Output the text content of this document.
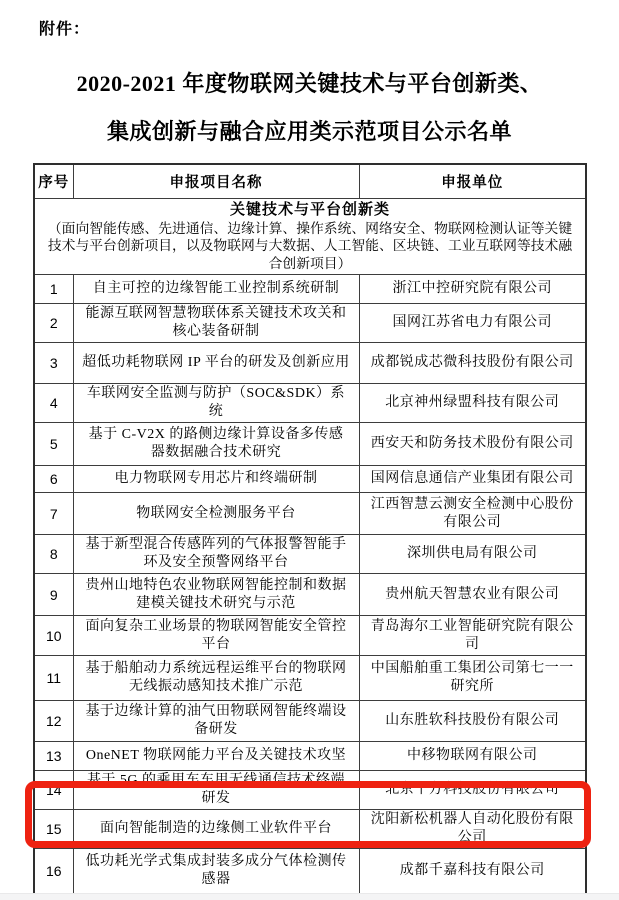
附件：
2020-2021 年度物联网关键技术与平台创新类、
集成创新与融合应用类示范项目公示名单
序号	申报项目名称	申报单位

关键技术与平台创新类
（面向智能传感、先进通信、边缘计算、操作系统、网络安全、物联网检测认证等关键技术与平台创新项目，以及物联网与大数据、人工智能、区块链、工业互联网等技术融合创新项目）		

1	自主可控的边缘智能工业控制系统研制	浙江中控研究院有限公司
2	能源互联网智慧物联体系关键技术攻关和核心装备研制	国网江苏省电力有限公司
3	超低功耗物联网 IP 平台的研发及创新应用	成都锐成芯微科技股份有限公司
4	车联网安全监测与防护（SOC&SDK）系统	北京神州绿盟科技有限公司
5	基于 C-V2X 的路侧边缘计算设备多传感器数据融合技术研究	西安天和防务技术股份有限公司
6	电力物联网专用芯片和终端研制	国网信息通信产业集团有限公司
7	物联网安全检测服务平台	江西智慧云测安全检测中心股份有限公司
8	基于新型混合传感阵列的气体报警智能手环及安全预警网络平台	深圳供电局有限公司
9	贵州山地特色农业物联网智能控制和数据建模关键技术研究与示范	贵州航天智慧农业有限公司
10	面向复杂工业场景的物联网智能安全管控平台	青岛海尔工业智能研究院有限公司
11	基于船舶动力系统远程运维平台的物联网无线振动感知技术推广示范	中国船舶重工集团公司第七一一研究所
12	基于边缘计算的油气田物联网智能终端设备研发	山东胜软科技股份有限公司
13	OneNET 物联网能力平台及关键技术攻坚	中移物联网有限公司
14	基于 5G 的乘用车车用无线通信技术终端研发	北京千方科技股份有限公司
15	面向智能制造的边缘侧工业软件平台	沈阳新松机器人自动化股份有限公司
16	低功耗光学式集成封装多成分气体检测传感器	成都千嘉科技有限公司
